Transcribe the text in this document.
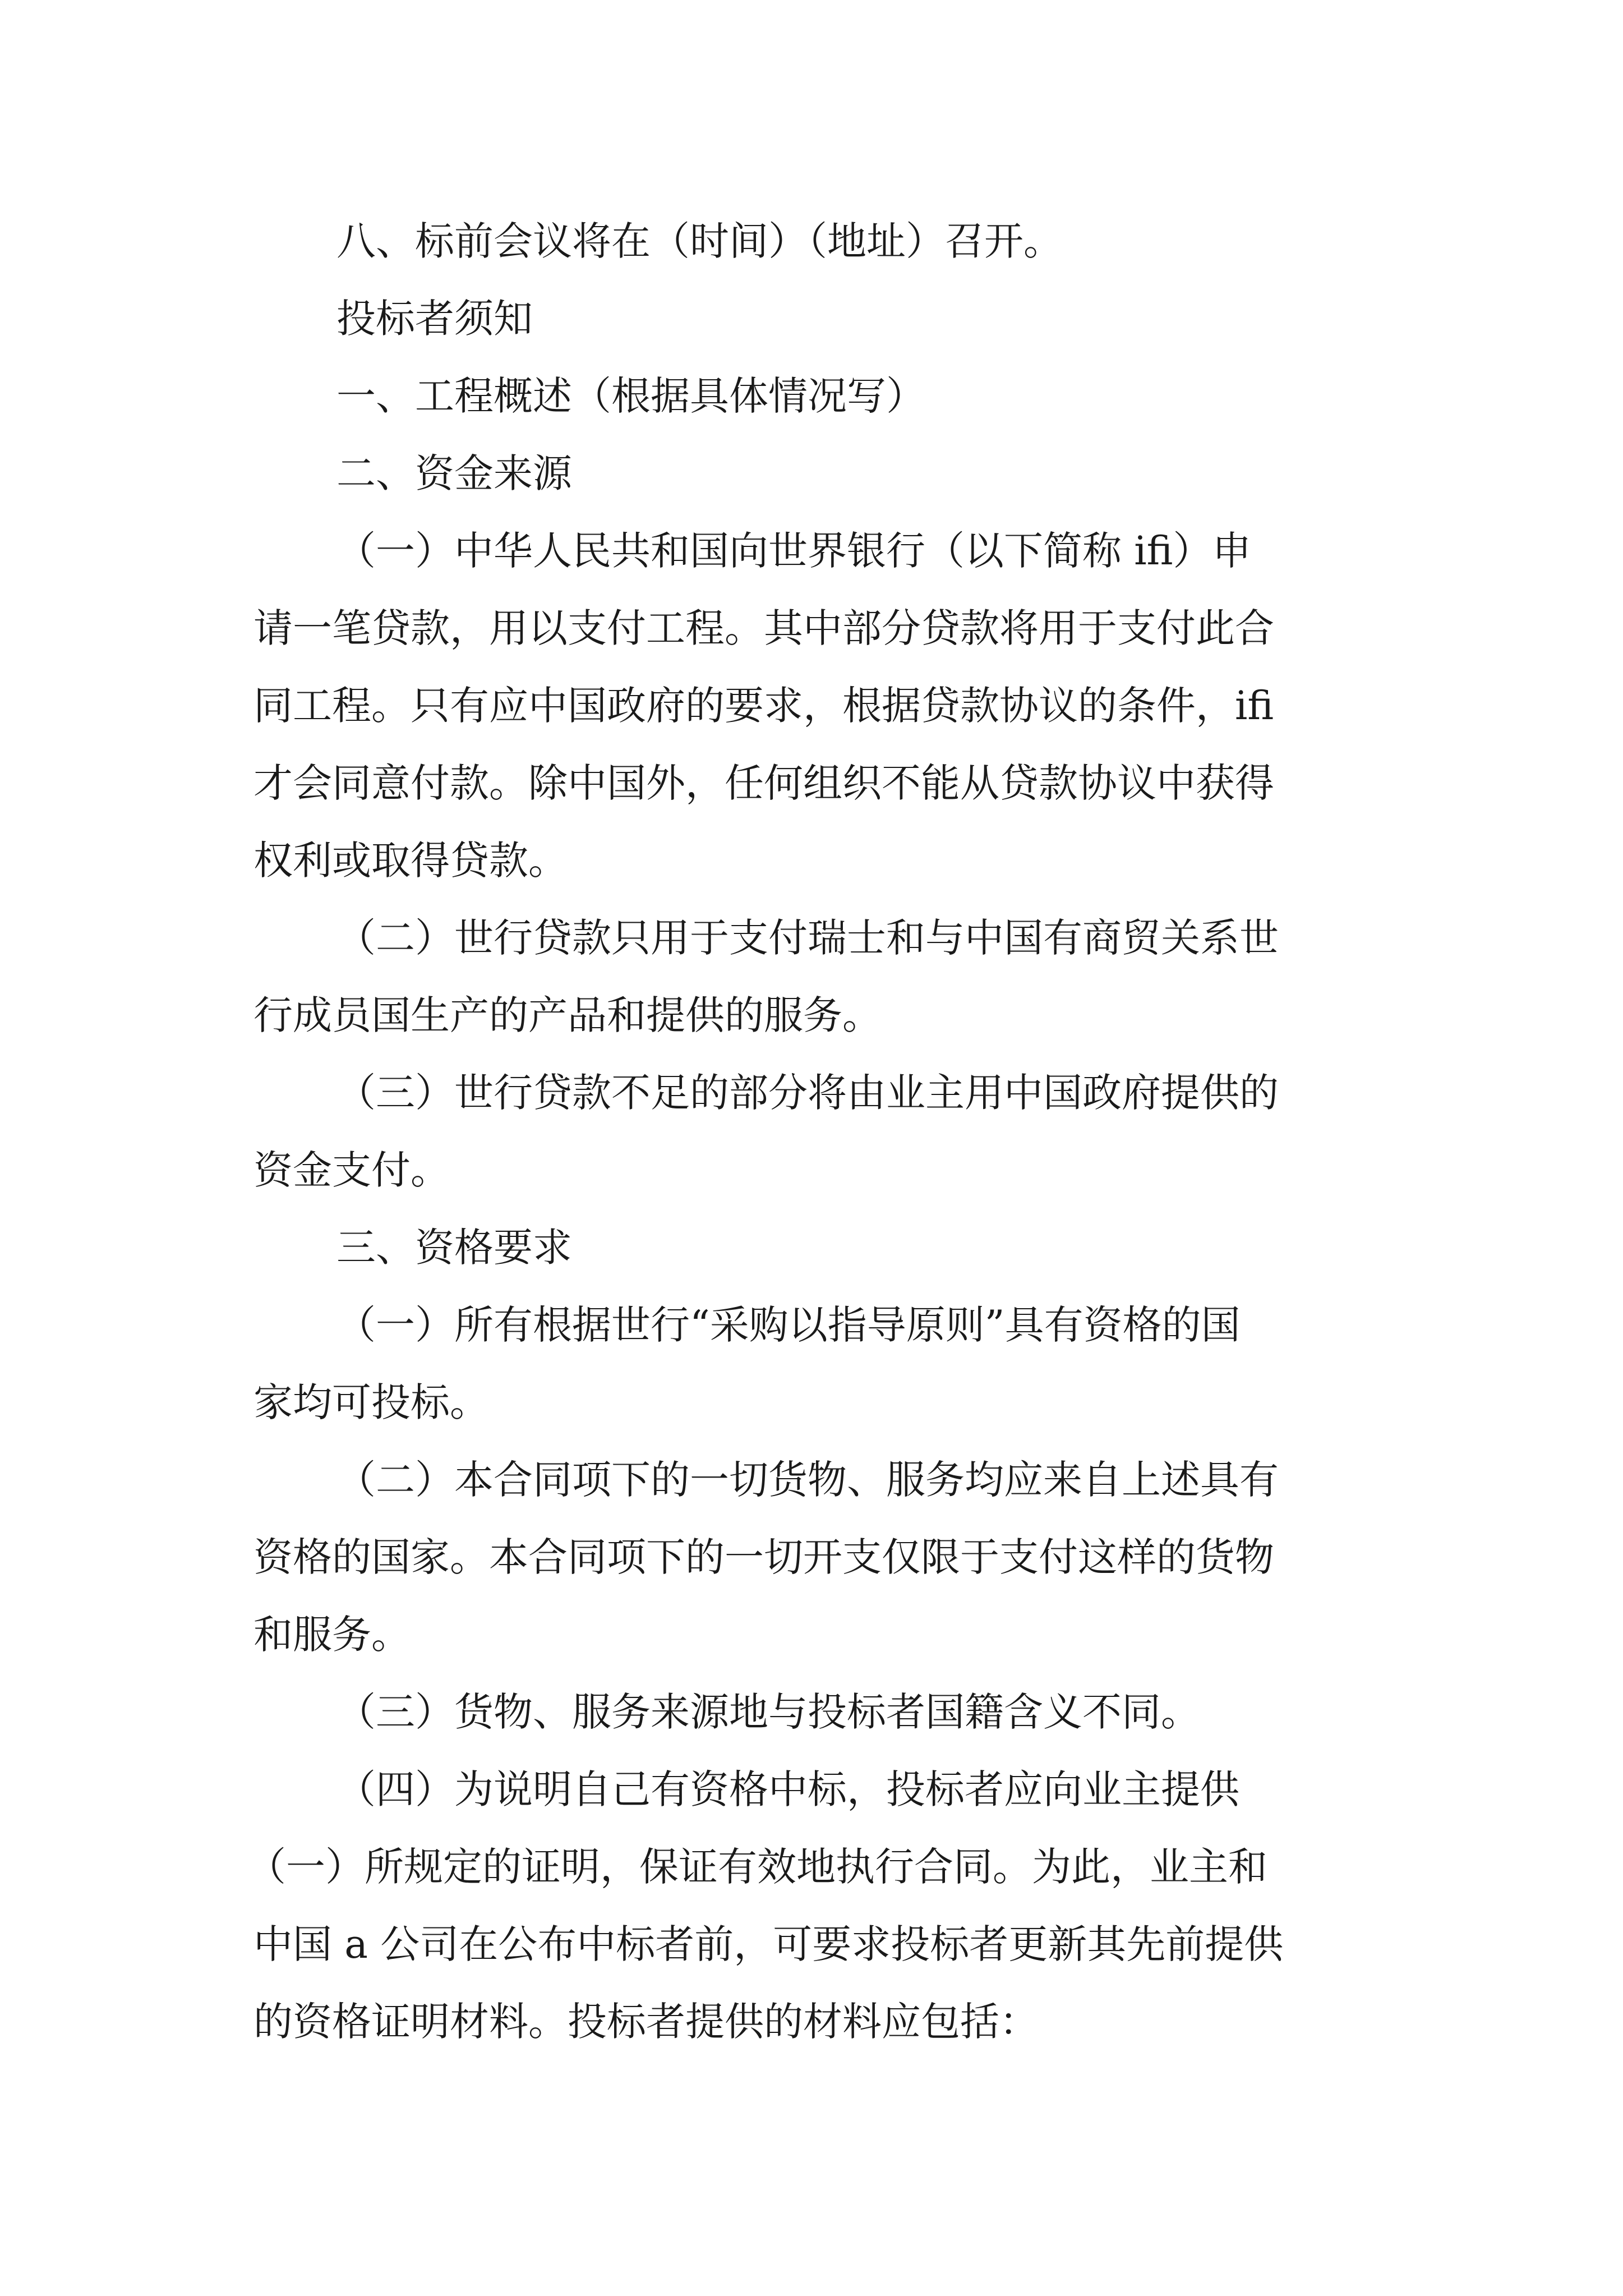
八、标前会议将在（时间）（地址）召开。

投标者须知

一、工程概述（根据具体情况写）

二、资金来源

（一）中华人民共和国向世界银行（以下简称 ifi）申

请一笔贷款，用以支付工程。其中部分贷款将用于支付此合

同工程。只有应中国政府的要求，根据贷款协议的条件，ifi

才会同意付款。除中国外，任何组织不能从贷款协议中获得

权利或取得贷款。

（二）世行贷款只用于支付瑞士和与中国有商贸关系世

行成员国生产的产品和提供的服务。

（三）世行贷款不足的部分将由业主用中国政府提供的

资金支付。

三、资格要求

（一）所有根据世行“采购以指导原则”具有资格的国

家均可投标。

（二）本合同项下的一切货物、服务均应来自上述具有

资格的国家。本合同项下的一切开支仅限于支付这样的货物

和服务。

（三）货物、服务来源地与投标者国籍含义不同。

（四）为说明自己有资格中标，投标者应向业主提供

（一）所规定的证明，保证有效地执行合同。为此，业主和

中国 a 公司在公布中标者前，可要求投标者更新其先前提供

的资格证明材料。投标者提供的材料应包括：
